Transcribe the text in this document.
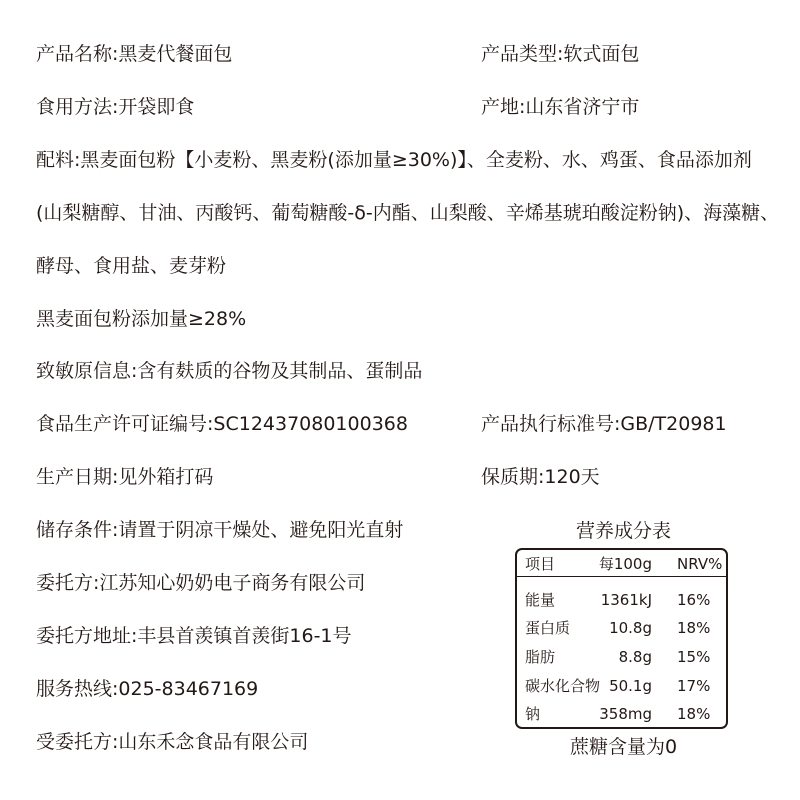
产品名称:黑麦代餐面包	产品类型:软式面包
食用方法:开袋即食	产地:山东省济宁市
配料:黑麦面包粉【小麦粉、黑麦粉(添加量≥30%)】、全麦粉、水、鸡蛋、食品添加剂
(山梨糖醇、甘油、丙酸钙、葡萄糖酸-δ-内酯、山梨酸、辛烯基琥珀酸淀粉钠)、海藻糖、
酵母、食用盐、麦芽粉
黑麦面包粉添加量≥28%
致敏原信息:含有麸质的谷物及其制品、蛋制品
食品生产许可证编号:SC12437080100368	产品执行标准号:GB/T20981
生产日期:见外箱打码	保质期:120天
储存条件:请置于阴凉干燥处、避免阳光直射
委托方:江苏知心奶奶电子商务有限公司
委托方地址:丰县首羡镇首羡街16-1号
服务热线:025-83467169
受委托方:山东禾念食品有限公司
营养成分表
项目	每100g NRV%
能量	1361kJ 16%
蛋白质	10.8g 18%
脂肪	8.8g 15%
碳水化合物 50.1g 17%
钠	358mg 18%
蔗糖含量为0
